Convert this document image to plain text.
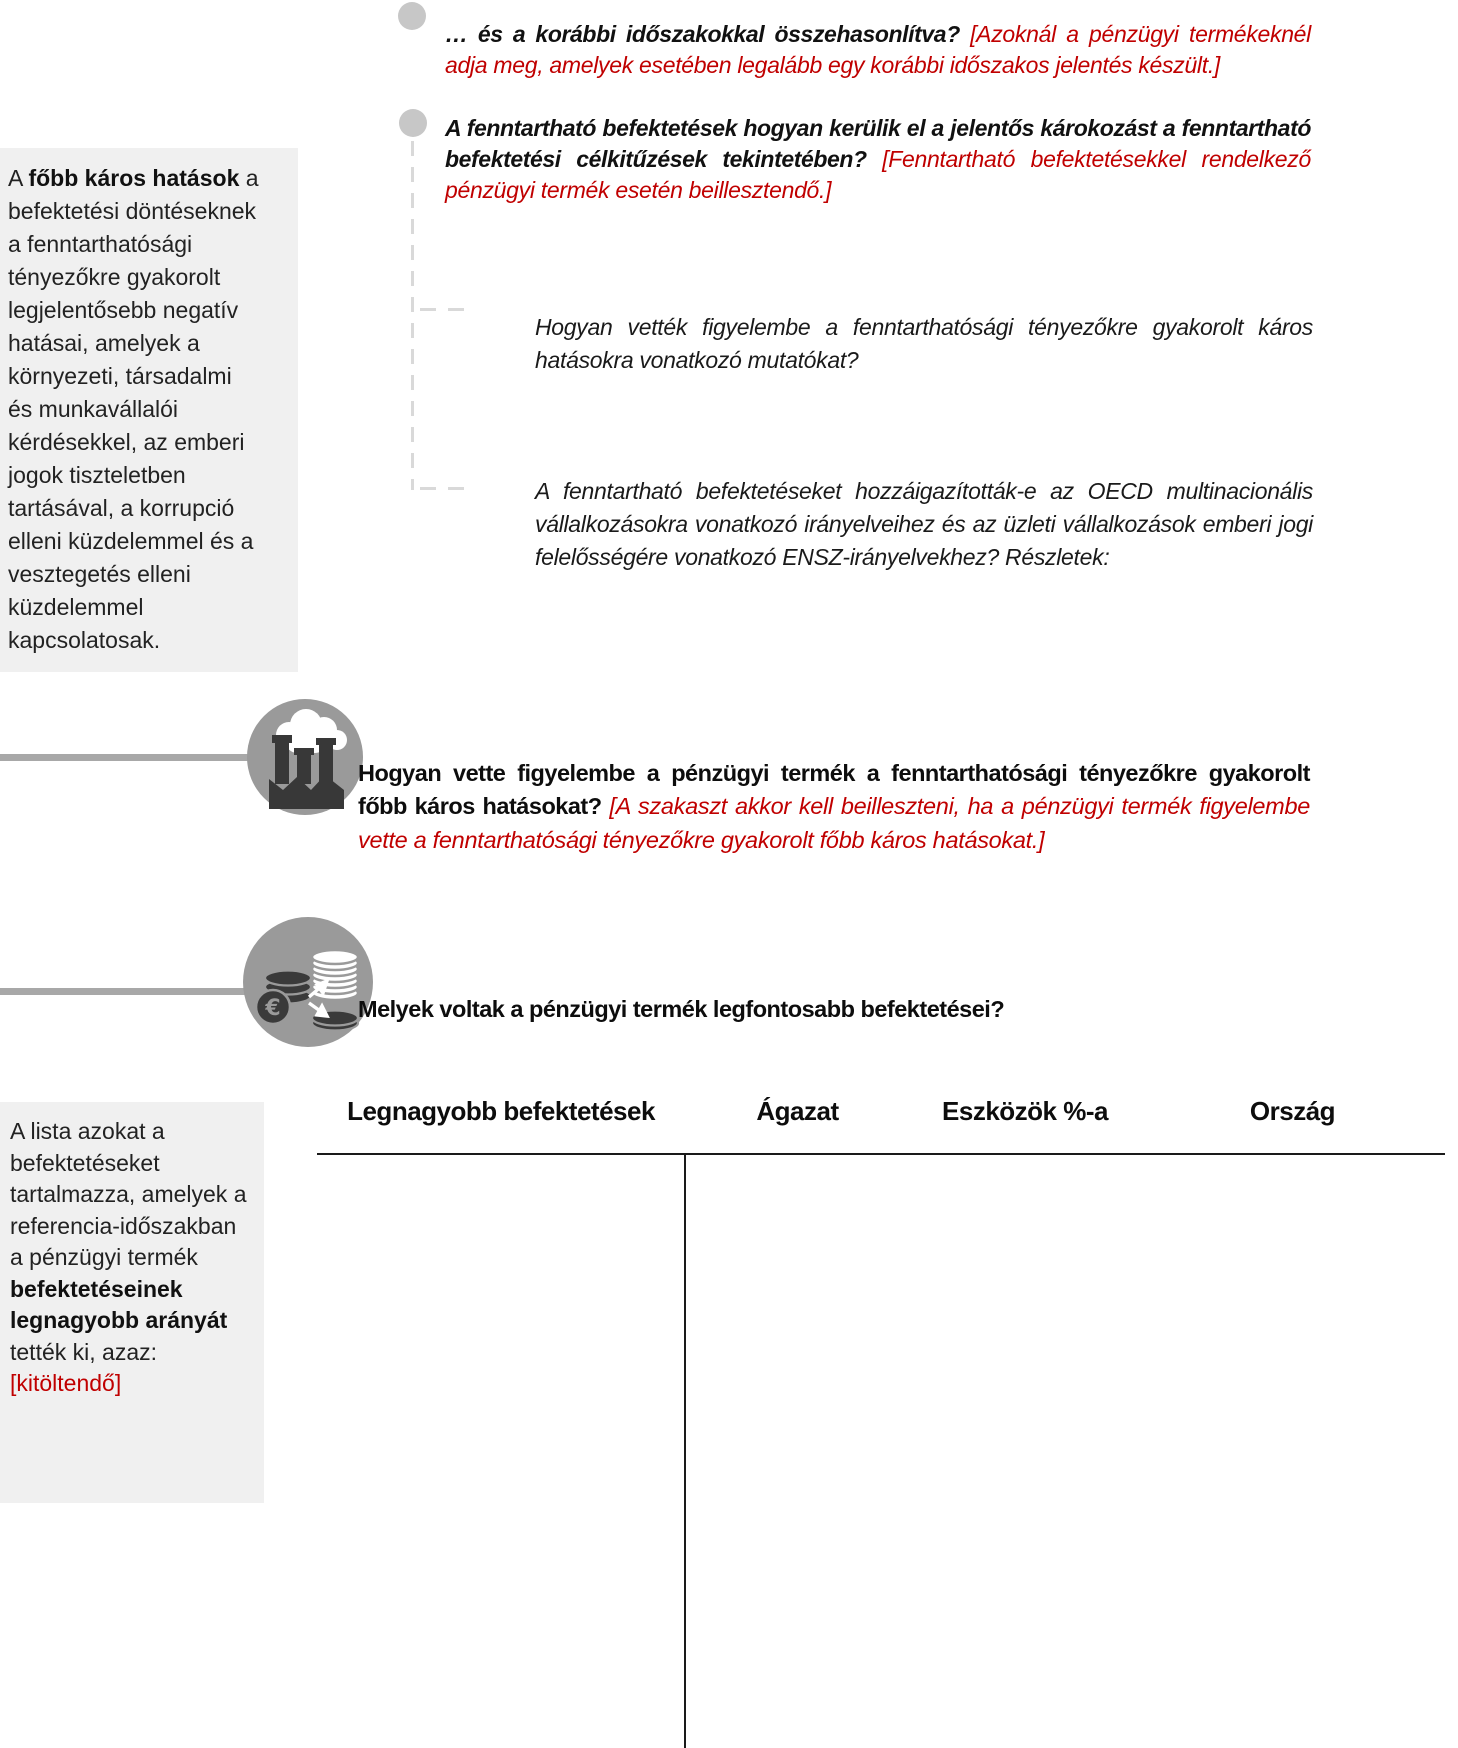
A főbb káros hatások a befektetési döntéseknek a fenntarthatósági tényezőkre gyakorolt legjelentősebb negatív hatásai, amelyek a környezeti, társadalmi és munkavállalói kérdésekkel, az emberi jogok tiszteletben tartásával, a korrupció elleni küzdelemmel és a vesztegetés elleni küzdelemmel kapcsolatosak.

… és a korábbi időszakokkal összehasonlítva? [Azoknál a pénzügyi termékeknél adja meg, amelyek esetében legalább egy korábbi időszakos jelentés készült.]

A fenntartható befektetések hogyan kerülik el a jelentős károkozást a fenntartható befektetési célkitűzések tekintetében? [Fenntartható befektetésekkel rendelkező pénzügyi termék esetén beillesztendő.]

Hogyan vették figyelembe a fenntarthatósági tényezőkre gyakorolt káros hatásokra vonatkozó mutatókat?

A fenntartható befektetéseket hozzáigazították-e az OECD multinacionális vállalkozásokra vonatkozó irányelveihez és az üzleti vállalkozások emberi jogi felelősségére vonatkozó ENSZ-irányelvekhez? Részletek:

Hogyan vette figyelembe a pénzügyi termék a fenntarthatósági tényezőkre gyakorolt főbb káros hatásokat? [A szakaszt akkor kell beilleszteni, ha a pénzügyi termék figyelembe vette a fenntarthatósági tényezőkre gyakorolt főbb káros hatásokat.]

€	Melyek voltak a pénzügyi termék legfontosabb befektetései?

A lista azokat a befektetéseket tartalmazza, amelyek a referencia-időszakban a pénzügyi termék befektetéseinek legnagyobb arányát tették ki, azaz: [kitöltendő]
Legnagyobb befektetések	Ágazat	Eszközök %-a	Ország
